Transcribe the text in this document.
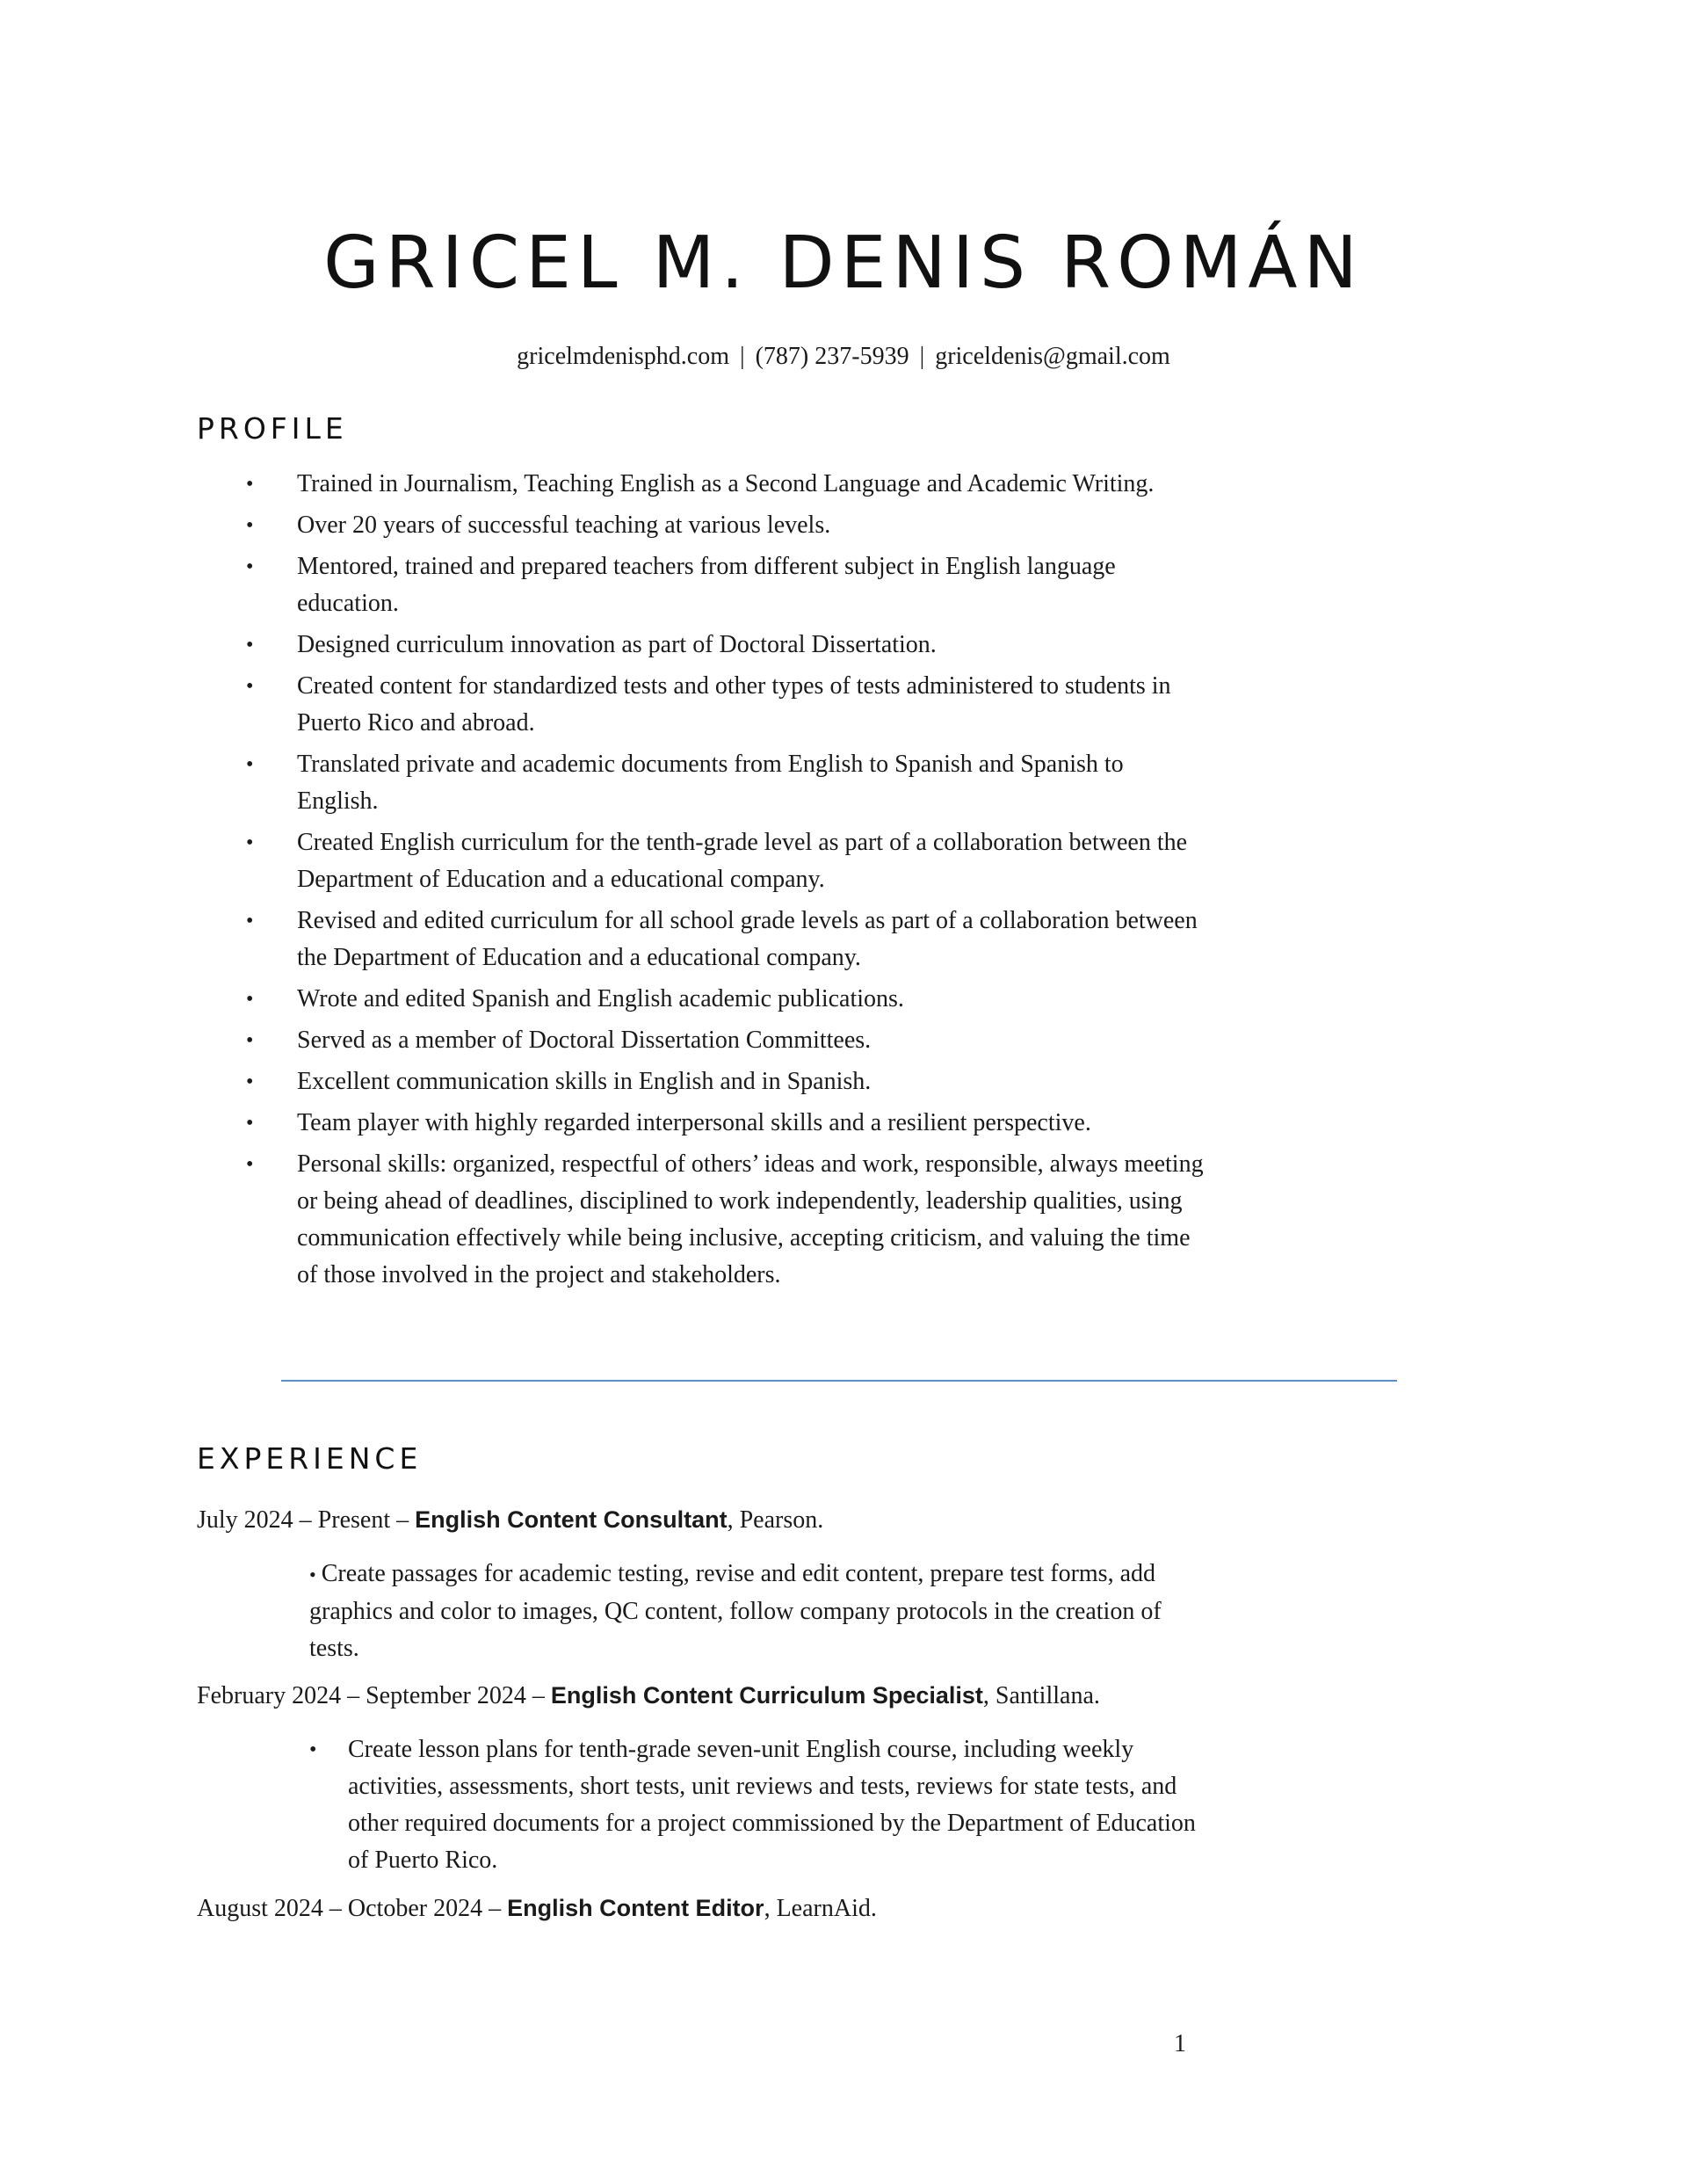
GRICEL M. DENIS ROMÁN
gricelmdenisphd.com | (787) 237-5939 | griceldenis@gmail.com
PROFILE
• Trained in Journalism, Teaching English as a Second Language and Academic Writing.
• Over 20 years of successful teaching at various levels.
• Mentored, trained and prepared teachers from different subject in English language education.
• Designed curriculum innovation as part of Doctoral Dissertation.
• Created content for standardized tests and other types of tests administered to students in Puerto Rico and abroad.
• Translated private and academic documents from English to Spanish and Spanish to English.
• Created English curriculum for the tenth-grade level as part of a collaboration between the Department of Education and a educational company.
• Revised and edited curriculum for all school grade levels as part of a collaboration between the Department of Education and a educational company.
• Wrote and edited Spanish and English academic publications.
• Served as a member of Doctoral Dissertation Committees.
• Excellent communication skills in English and in Spanish.
• Team player with highly regarded interpersonal skills and a resilient perspective.
• Personal skills: organized, respectful of others’ ideas and work, responsible, always meeting or being ahead of deadlines, disciplined to work independently, leadership qualities, using communication effectively while being inclusive, accepting criticism, and valuing the time of those involved in the project and stakeholders.
EXPERIENCE
July 2024 – Present – English Content Consultant, Pearson.
• Create passages for academic testing, revise and edit content, prepare test forms, add graphics and color to images, QC content, follow company protocols in the creation of tests.
February 2024 – September 2024 – English Content Curriculum Specialist, Santillana.
• Create lesson plans for tenth-grade seven-unit English course, including weekly activities, assessments, short tests, unit reviews and tests, reviews for state tests, and other required documents for a project commissioned by the Department of Education of Puerto Rico.
August 2024 – October 2024 – English Content Editor, LearnAid.
1
